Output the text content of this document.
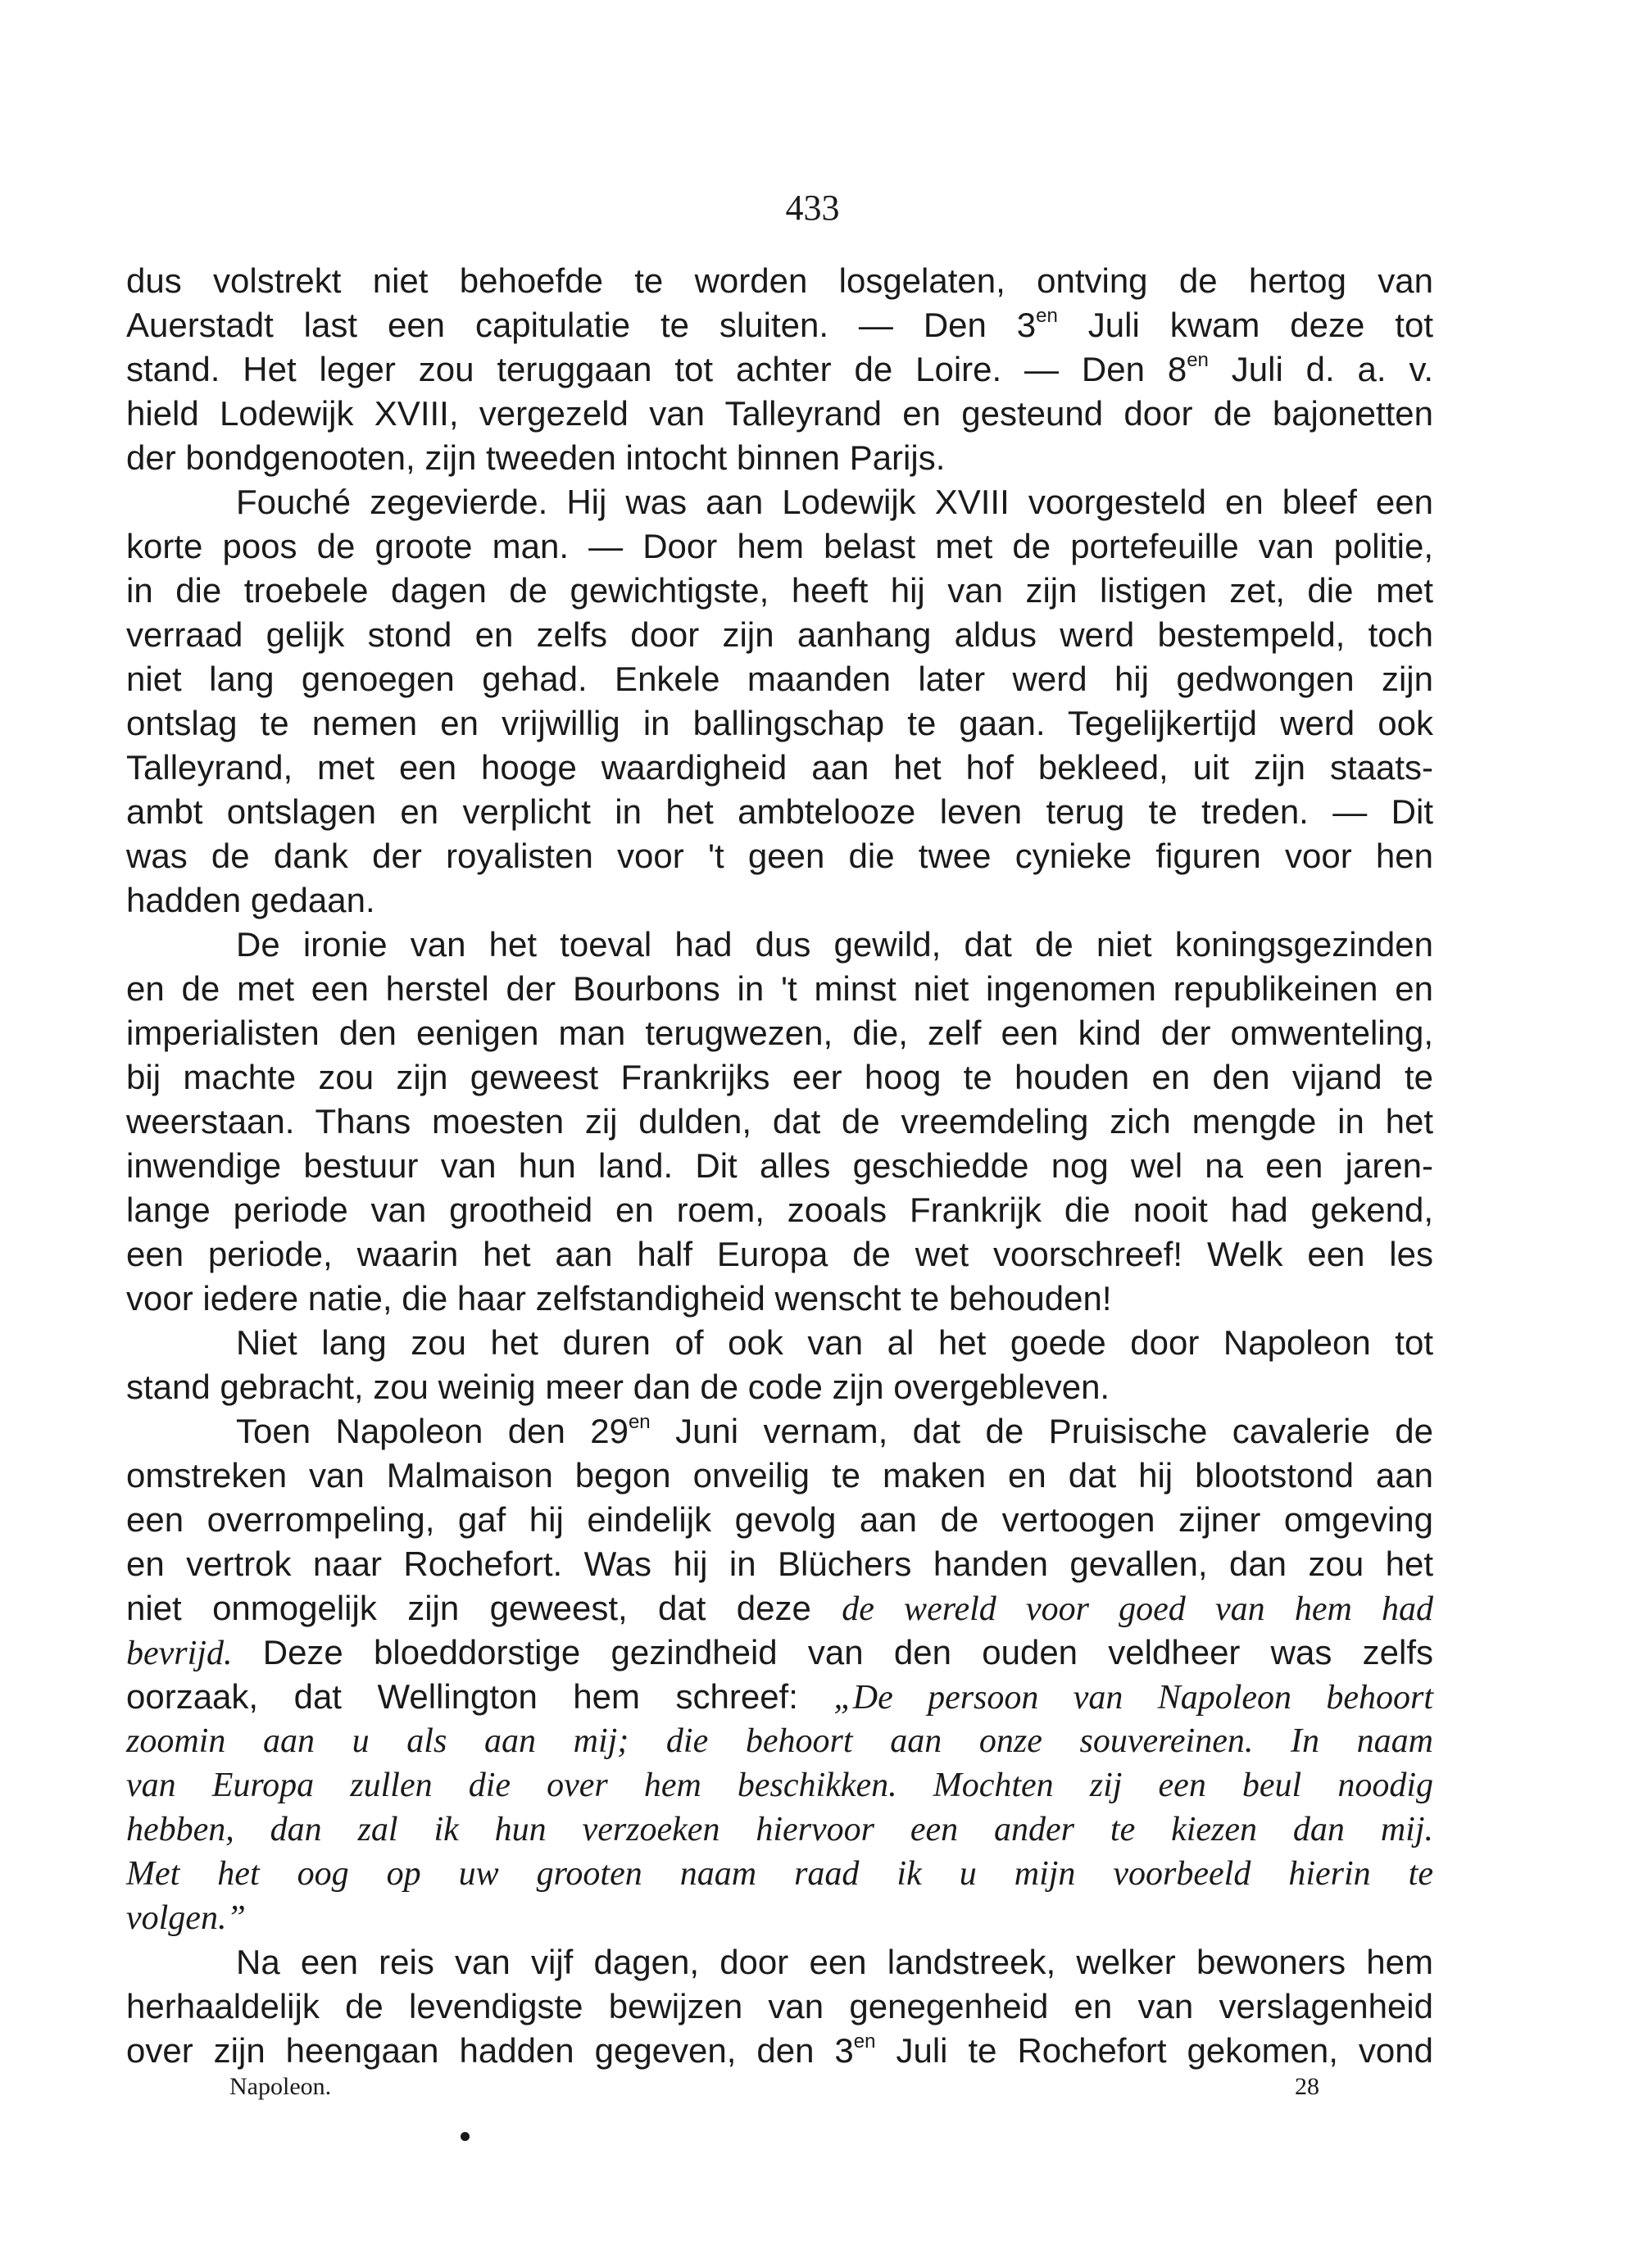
433
dus volstrekt niet behoefde te worden losgelaten, ontving de hertog van
Auerstadt last een capitulatie te sluiten. — Den $3^{en}$ Juli kwam deze tot
stand. Het leger zou teruggaan tot achter de Loire. — Den $8^{en}$ Juli d. a. v.
hield Lodewijk XVIII, vergezeld van Talleyrand en gesteund door de bajonetten
der bondgenooten, zijn tweeden intocht binnen Parijs.
Fouché zegevierde. Hij was aan Lodewijk XVIII voorgesteld en bleef een
korte poos de groote man. — Door hem belast met de portefeuille van politie,
in die troebele dagen de gewichtigste, heeft hij van zijn listigen zet, die met
verraad gelijk stond en zelfs door zijn aanhang aldus werd bestempeld, toch
niet lang genoegen gehad. Enkele maanden later werd hij gedwongen zijn
ontslag te nemen en vrijwillig in ballingschap te gaan. Tegelijkertijd werd ook
Talleyrand, met een hooge waardigheid aan het hof bekleed, uit zijn staats-
ambt ontslagen en verplicht in het ambtelooze leven terug te treden. — Dit
was de dank der royalisten voor 't geen die twee cynieke figuren voor hen
hadden gedaan.
De ironie van het toeval had dus gewild, dat de niet koningsgezinden
en de met een herstel der Bourbons in 't minst niet ingenomen republikeinen en
imperialisten den eenigen man terugwezen, die, zelf een kind der omwenteling,
bij machte zou zijn geweest Frankrijks eer hoog te houden en den vijand te
weerstaan. Thans moesten zij dulden, dat de vreemdeling zich mengde in het
inwendige bestuur van hun land. Dit alles geschiedde nog wel na een jaren-
lange periode van grootheid en roem, zooals Frankrijk die nooit had gekend,
een periode, waarin het aan half Europa de wet voorschreef! Welk een les
voor iedere natie, die haar zelfstandigheid wenscht te behouden!
Niet lang zou het duren of ook van al het goede door Napoleon tot
stand gebracht, zou weinig meer dan de code zijn overgebleven.
Toen Napoleon den $29^{en}$ Juni vernam, dat de Pruisische cavalerie de
omstreken van Malmaison begon onveilig te maken en dat hij blootstond aan
een overrompeling, gaf hij eindelijk gevolg aan de vertoogen zijner omgeving
en vertrok naar Rochefort. Was hij in Blüchers handen gevallen, dan zou het
niet onmogelijk zijn geweest, dat deze de wereld voor goed van hem had
bevrijd. Deze bloeddorstige gezindheid van den ouden veldheer was zelfs
oorzaak, dat Wellington hem schreef: „De persoon van Napoleon behoort
zoomin aan u als aan mij; die behoort aan onze souvereinen. In naam
van Europa zullen die over hem beschikken. Mochten zij een beul noodig
hebben, dan zal ik hun verzoeken hiervoor een ander te kiezen dan mij.
Met het oog op uw grooten naam raad ik u mijn voorbeeld hierin te
volgen.”
Na een reis van vijf dagen, door een landstreek, welker bewoners hem
herhaaldelijk de levendigste bewijzen van genegenheid en van verslagenheid
over zijn heengaan hadden gegeven, den $3^{en}$ Juli te Rochefort gekomen, vond
Napoleon.	28
